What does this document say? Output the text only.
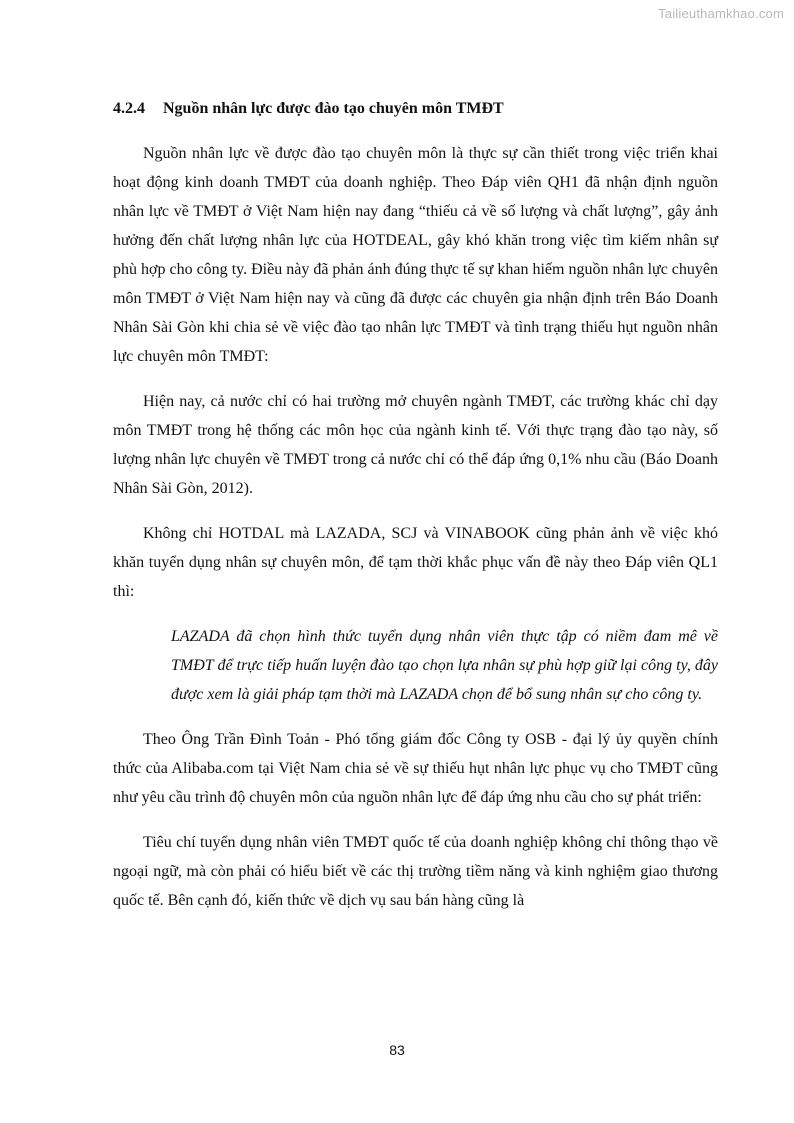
Tailieuthamkhao.com
4.2.4 Nguồn nhân lực được đào tạo chuyên môn TMĐT

Nguồn nhân lực về được đào tạo chuyên môn là thực sự cần thiết trong việc triển khai hoạt động kinh doanh TMĐT của doanh nghiệp. Theo Đáp viên QH1 đã nhận định nguồn nhân lực về TMĐT ở Việt Nam hiện nay đang “thiếu cả về số lượng và chất lượng”, gây ảnh hưởng đến chất lượng nhân lực của HOTDEAL, gây khó khăn trong việc tìm kiếm nhân sự phù hợp cho công ty. Điều này đã phản ánh đúng thực tế sự khan hiếm nguồn nhân lực chuyên môn TMĐT ở Việt Nam hiện nay và cũng đã được các chuyên gia nhận định trên Báo Doanh Nhân Sài Gòn khi chia sẻ về việc đào tạo nhân lực TMĐT và tình trạng thiếu hụt nguồn nhân lực chuyên môn TMĐT:

Hiện nay, cả nước chỉ có hai trường mở chuyên ngành TMĐT, các trường khác chỉ dạy môn TMĐT trong hệ thống các môn học của ngành kinh tế. Với thực trạng đào tạo này, số lượng nhân lực chuyên về TMĐT trong cả nước chỉ có thể đáp ứng 0,1% nhu cầu (Báo Doanh Nhân Sài Gòn, 2012).

Không chỉ HOTDAL mà LAZADA, SCJ và VINABOOK cũng phản ảnh về việc khó khăn tuyển dụng nhân sự chuyên môn, để tạm thời khắc phục vấn đề này theo Đáp viên QL1 thì:

LAZADA đã chọn hình thức tuyển dụng nhân viên thực tập có niềm đam mê về TMĐT để trực tiếp huấn luyện đào tạo chọn lựa nhân sự phù hợp giữ lại công ty, đây được xem là giải pháp tạm thời mà LAZADA chọn để bổ sung nhân sự cho công ty.

Theo Ông Trần Đình Toản - Phó tổng giám đốc Công ty OSB - đại lý ủy quyền chính thức của Alibaba.com tại Việt Nam chia sẻ về sự thiếu hụt nhân lực phục vụ cho TMĐT cũng như yêu cầu trình độ chuyên môn của nguồn nhân lực để đáp ứng nhu cầu cho sự phát triển:

Tiêu chí tuyển dụng nhân viên TMĐT quốc tế của doanh nghiệp không chỉ thông thạo về ngoại ngữ, mà còn phải có hiểu biết về các thị trường tiềm năng và kinh nghiệm giao thương quốc tế. Bên cạnh đó, kiến thức về dịch vụ sau bán hàng cũng là

83
